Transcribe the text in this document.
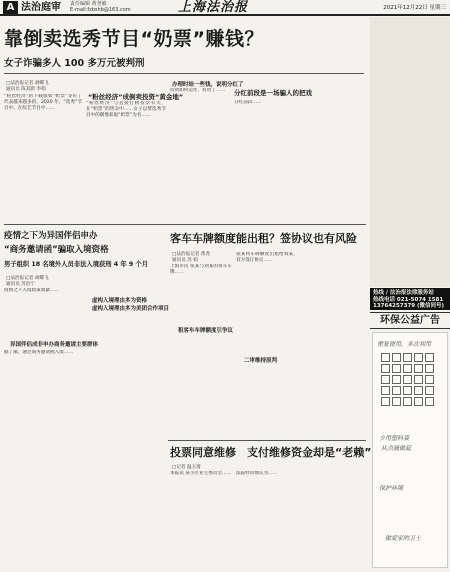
A 法治庭审 责任编辑 黄尧敏
E-mail:fzbshb@163.com	上海法治报	2021年12月22日 星期三
靠倒卖选秀节目“奶票”赚钱？
女子诈骗多人 100 多万元被判刑
□法治报记者 胡蝶飞
通讯员 陈其蔚 李娟
“粉丝经济”的下载版如“奶票”等有了代表越来越多的。2020 年，“选秀”节目中。在综艺节目中……
“粉丝经济”成倒卖投资“黄金地”
“粉丝经济”与直接打榜投票有关，在“奶票”的售卖中……女子以帮选秀节目中的偶像获取“奶票”为名……
办理时给一些钱，说明分红了
投资如何运作，投资了……	分红前段是一场骗人的把戏
分红前段……
疫情之下为异国伴侣申办
“商务邀请函”骗取入境资格
男子组织 18 名境外人员非法入境获刑 4 年 9 个月
□法治报记者 胡蝶飞
通讯员 苏治宁
疫情之下入境政策收紧……
异国伴侣成非申办商务邀请主要群体
据了解，通过商务邀请函入境……
虚构入境理由多为资格
虚构入境理由多为美团合作项目
客车车牌额度能出租？签协议也有风险
□法治报记者 黄尧
通讯员 苏 娟
上海市民 张某与刘某的客车车牌……
租客车车牌额度引争议
张某将车牌额度出租给刘某，双方签订协议……
二审维持原判
投票同意维修　支付维修资金却是“老赖”
□记者 温玉琦
本报讯 某小区业主委员会…… 法院经审理认为……
热线 / 法治报法律服务站
热线电话 021-5074 1581
13764257379 (微信同号)
环保公益广告
重复使用，多次利用
少用塑料袋
从点滴做起
保护环境
做爱家的卫士
